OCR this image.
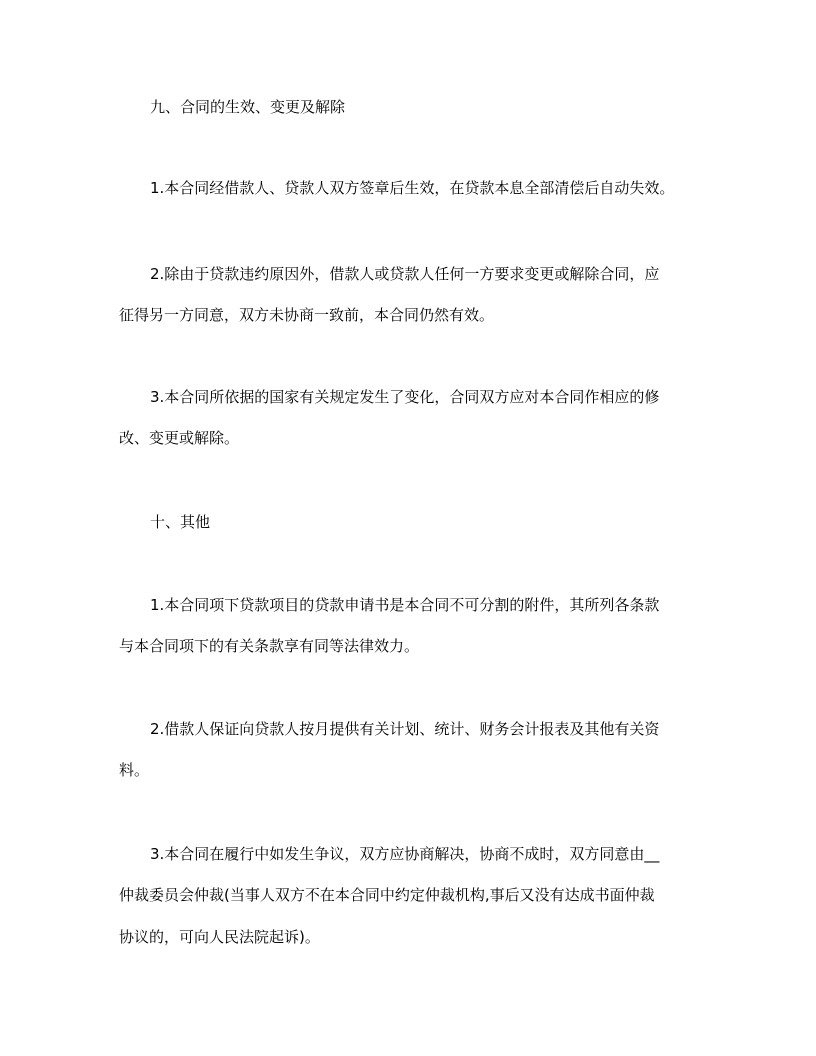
九、合同的生效、变更及解除
1.本合同经借款人、贷款人双方签章后生效，在贷款本息全部清偿后自动失效。
2.除由于贷款违约原因外，借款人或贷款人任何一方要求变更或解除合同，应
征得另一方同意，双方未协商一致前，本合同仍然有效。
3.本合同所依据的国家有关规定发生了变化，合同双方应对本合同作相应的修
改、变更或解除。
十、其他
1.本合同项下贷款项目的贷款申请书是本合同不可分割的附件，其所列各条款
与本合同项下的有关条款享有同等法律效力。
2.借款人保证向贷款人按月提供有关计划、统计、财务会计报表及其他有关资
料。
3.本合同在履行中如发生争议，双方应协商解决，协商不成时，双方同意由__
仲裁委员会仲裁(当事人双方不在本合同中约定仲裁机构,事后又没有达成书面仲裁
协议的，可向人民法院起诉)。
